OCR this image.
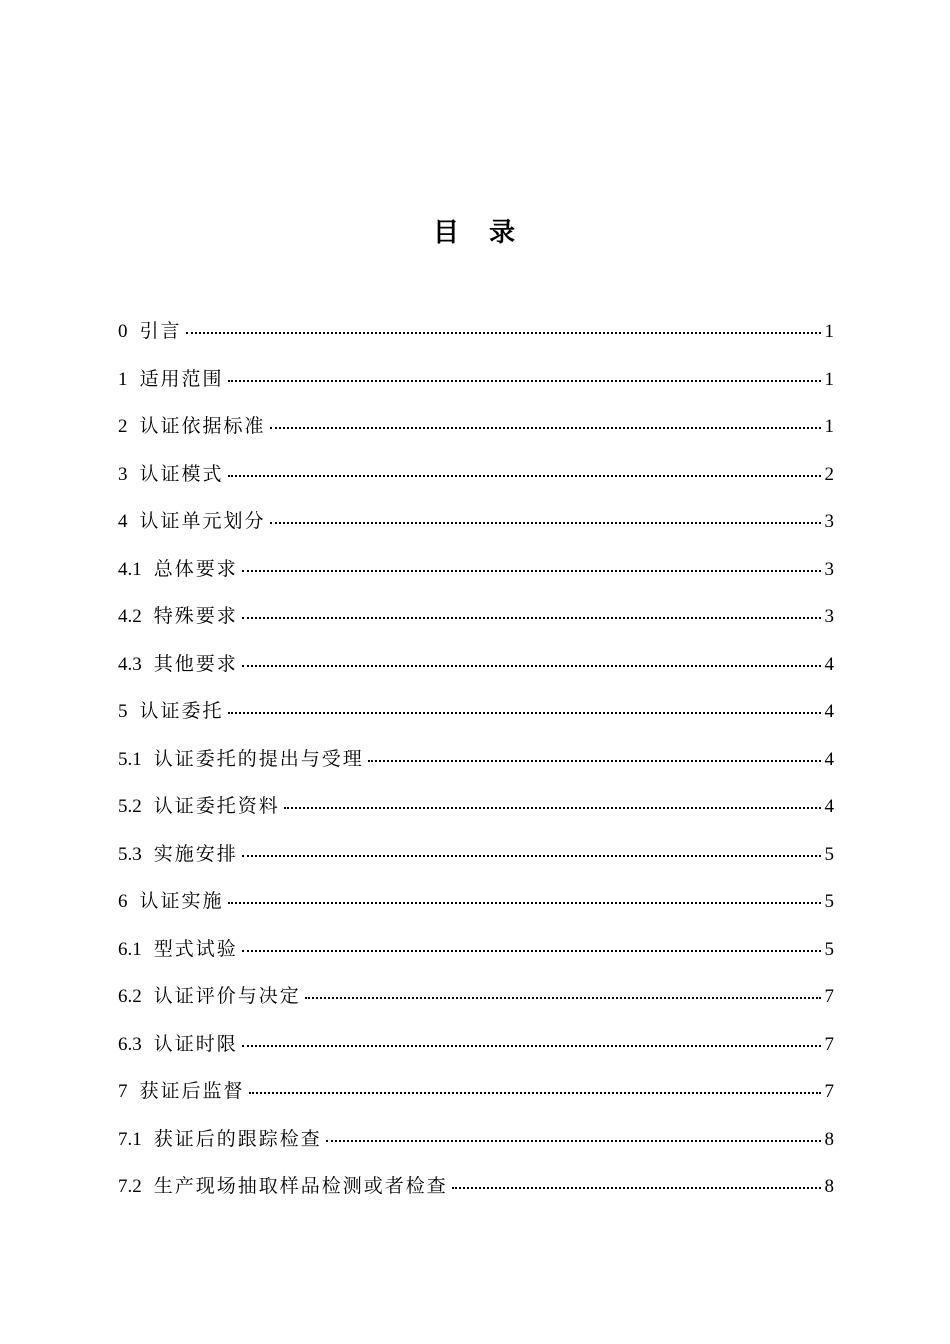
目　录
0 引言	1
1 适用范围	1
2 认证依据标准	1
3 认证模式	2
4 认证单元划分	3
4.1 总体要求	3
4.2 特殊要求	3
4.3 其他要求	4
5 认证委托	4
5.1 认证委托的提出与受理	4
5.2 认证委托资料	4
5.3 实施安排	5
6 认证实施	5
6.1 型式试验	5
6.2 认证评价与决定	7
6.3 认证时限	7
7 获证后监督	7
7.1 获证后的跟踪检查	8
7.2 生产现场抽取样品检测或者检查	8
